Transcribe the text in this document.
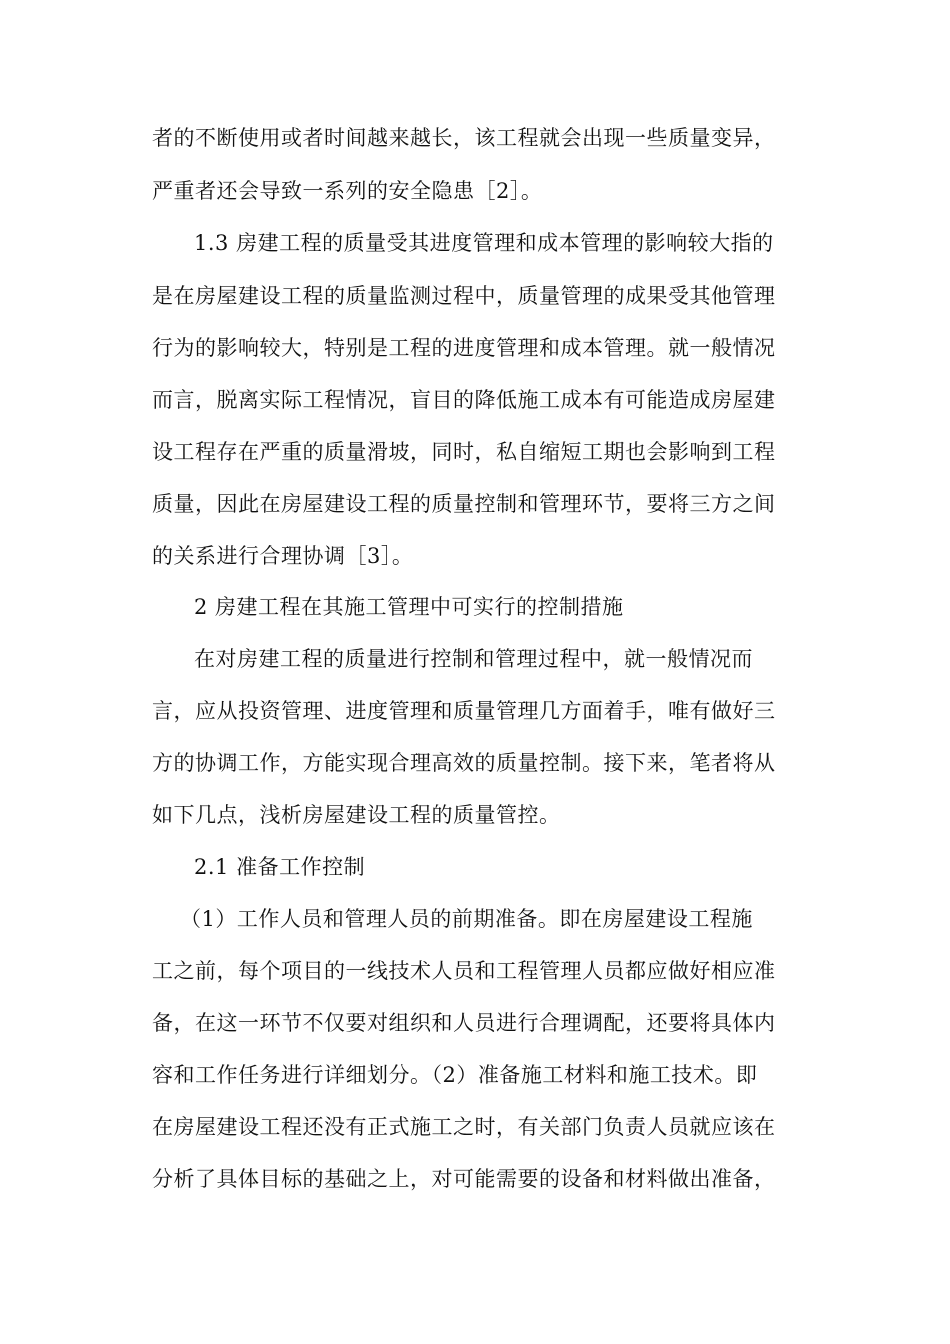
者的不断使用或者时间越来越长，该工程就会出现一些质量变异，
严重者还会导致一系列的安全隐患［2］。
1.3 房建工程的质量受其进度管理和成本管理的影响较大指的
是在房屋建设工程的质量监测过程中，质量管理的成果受其他管理
行为的影响较大，特别是工程的进度管理和成本管理。就一般情况
而言，脱离实际工程情况，盲目的降低施工成本有可能造成房屋建
设工程存在严重的质量滑坡，同时，私自缩短工期也会影响到工程
质量，因此在房屋建设工程的质量控制和管理环节，要将三方之间
的关系进行合理协调［3］。
2 房建工程在其施工管理中可实行的控制措施
在对房建工程的质量进行控制和管理过程中，就一般情况而
言，应从投资管理、进度管理和质量管理几方面着手，唯有做好三
方的协调工作，方能实现合理高效的质量控制。接下来，笔者将从
如下几点，浅析房屋建设工程的质量管控。
2.1 准备工作控制
（1）工作人员和管理人员的前期准备。即在房屋建设工程施
工之前，每个项目的一线技术人员和工程管理人员都应做好相应准
备，在这一环节不仅要对组织和人员进行合理调配，还要将具体内
容和工作任务进行详细划分。（2）准备施工材料和施工技术。即
在房屋建设工程还没有正式施工之时，有关部门负责人员就应该在
分析了具体目标的基础之上，对可能需要的设备和材料做出准备，
